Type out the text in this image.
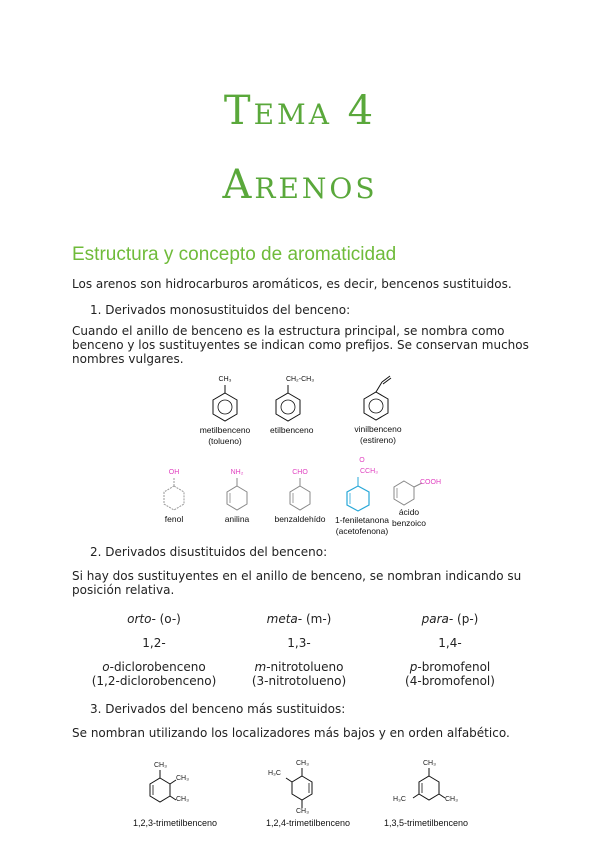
Tema 4
Arenos
Estructura y concepto de aromaticidad
Los arenos son hidrocarburos aromáticos, es decir, bencenos sustituidos.
1. Derivados monosustituidos del benceno:
Cuando el anillo de benceno es la estructura principal, se nombra como benceno y los sustituyentes se indican como prefijos. Se conservan muchos nombres vulgares.
CH₃
metilbenceno
(tolueno)
CH₂-CH₃
etilbenceno	vinilbenceno
(estireno)
OH
fenol
NH₂
anilina
CHO
benzaldehído
O
CCH₃
1-feniletanona
(acetofenona)
COOH
ácido
benzoico
2. Derivados disustituidos del benceno:
Si hay dos sustituyentes en el anillo de benceno, se nombran indicando su posición relativa.
orto- (o-)
1,2-
o-diclorobenceno
(1,2-diclorobenceno)
meta- (m-)
1,3-
m-nitrotolueno
(3-nitrotolueno)
para- (p-)
1,4-
p-bromofenol
(4-bromofenol)
3. Derivados del benceno más sustituidos:
Se nombran utilizando los localizadores más bajos y en orden alfabético.
CH₃
CH₃
CH₃
1,2,3-trimetilbenceno
CH₃
H₃C
CH₃
1,2,4-trimetilbenceno
CH₃
H₃C	CH₃
1,3,5-trimetilbenceno
